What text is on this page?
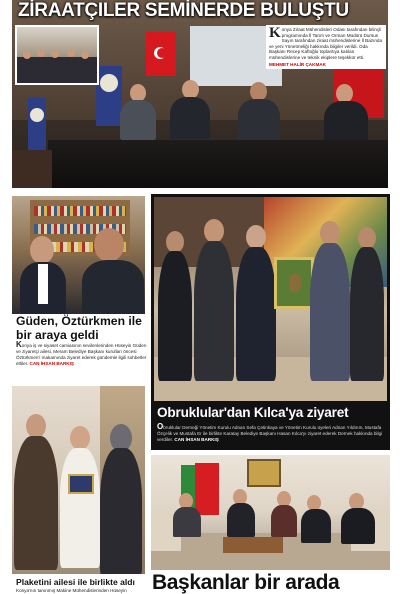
ZİRAATÇILER SEMİNERDE BULUŞTU
Konya Ziraat Mühendisleri Odası tarafından bilinçli programında İl Tarım ve Orman Müdürü Dursun Sayın tarafından ziraat mühendislerine İl Bazında ve yeni Yönetmeliği hakkında bilgiler verildi. Oda Başkanı Recep Kaftoğlu toplantıya katılan mühendislerine ve teknik ekiplere teşekkür etti.
MEHMET HALİR ÇAKMAK
Güden, Öztürkmen ile bir araya geldi
Konya iş ve siyaset camiasının sevilenlerinden Hüseyin Güden ve ziyaretçi ailesi, Meram Belediye Başkanı kurulları öncesi Öztürkmen'i makamında ziyaret ederek gündemle ilgili sohbetler ettiler. CAN İHSAN BARKIŞ
Plaketini ailesi ile birlikte aldı
Konya'nın tanınmış Makine Mühendislerinden Hüseyin
Obruklular'dan Kılca'ya ziyaret
Obruklular Derneği Yönetim Kurulu Adnan Sefa Çetinkaya ve Yönetim Kurulu üyeleri Adnan Yıldırım, Mustafa Özçelik ve Mustafa Er ile birlikte Karatay Belediye Başkanı Hasan Kılca'yı ziyaret ederek Dernek hakkında bilgi verdiler. CAN İHSAN BARKIŞ
Başkanlar bir arada
